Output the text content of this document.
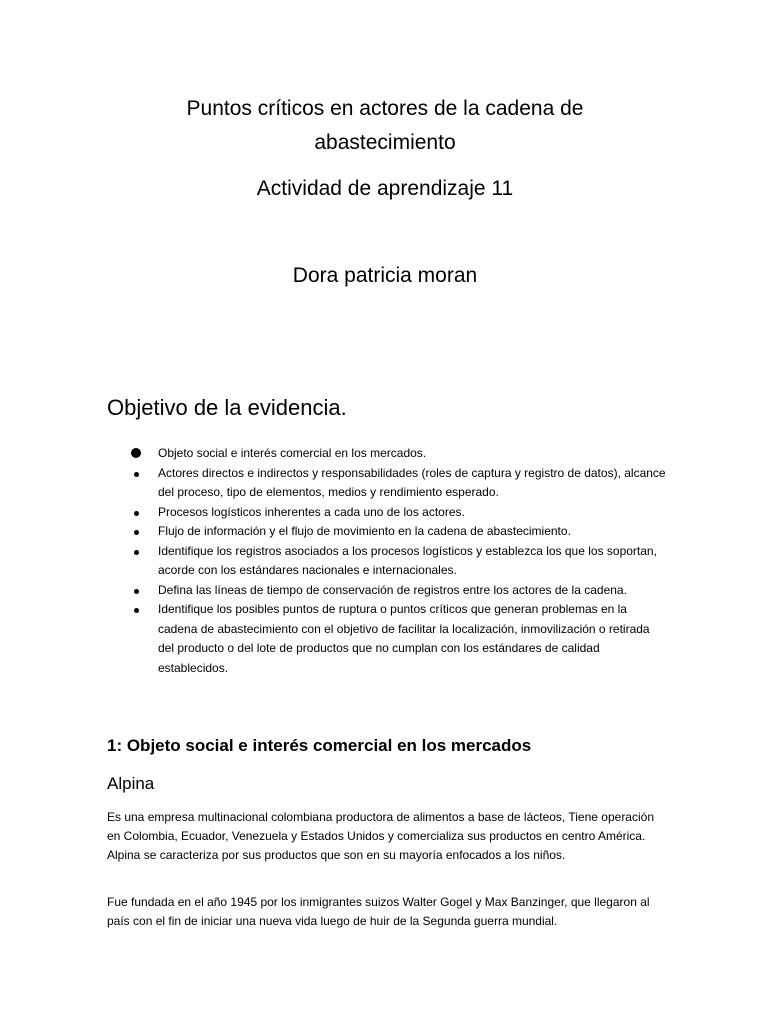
Puntos críticos en actores de la cadena de
abastecimiento
Actividad de aprendizaje 11
Dora patricia moran
Objetivo de la evidencia.
Objeto social e interés comercial en los mercados.
Actores directos e indirectos y responsabilidades (roles de captura y registro de datos), alcance del proceso, tipo de elementos, medios y rendimiento esperado.
Procesos logísticos inherentes a cada uno de los actores.
Flujo de información y el flujo de movimiento en la cadena de abastecimiento.
Identifique los registros asociados a los procesos logísticos y establezca los que los soportan, acorde con los estándares nacionales e internacionales.
Defina las líneas de tiempo de conservación de registros entre los actores de la cadena.
Identifique los posibles puntos de ruptura o puntos críticos que generan problemas en la cadena de abastecimiento con el objetivo de facilitar la localización, inmovilización o retirada del producto o del lote de productos que no cumplan con los estándares de calidad establecidos.
1: Objeto social e interés comercial en los mercados
Alpina

Es una empresa multinacional colombiana productora de alimentos a base de lácteos, Tiene operación en Colombia, Ecuador, Venezuela y Estados Unidos y comercializa sus productos en centro América. Alpina se caracteriza por sus productos que son en su mayoría enfocados a los niños.

Fue fundada en el año 1945 por los inmigrantes suizos Walter Gogel y Max Banzinger, que llegaron al país con el fin de iniciar una nueva vida luego de huir de la Segunda guerra mundial.
